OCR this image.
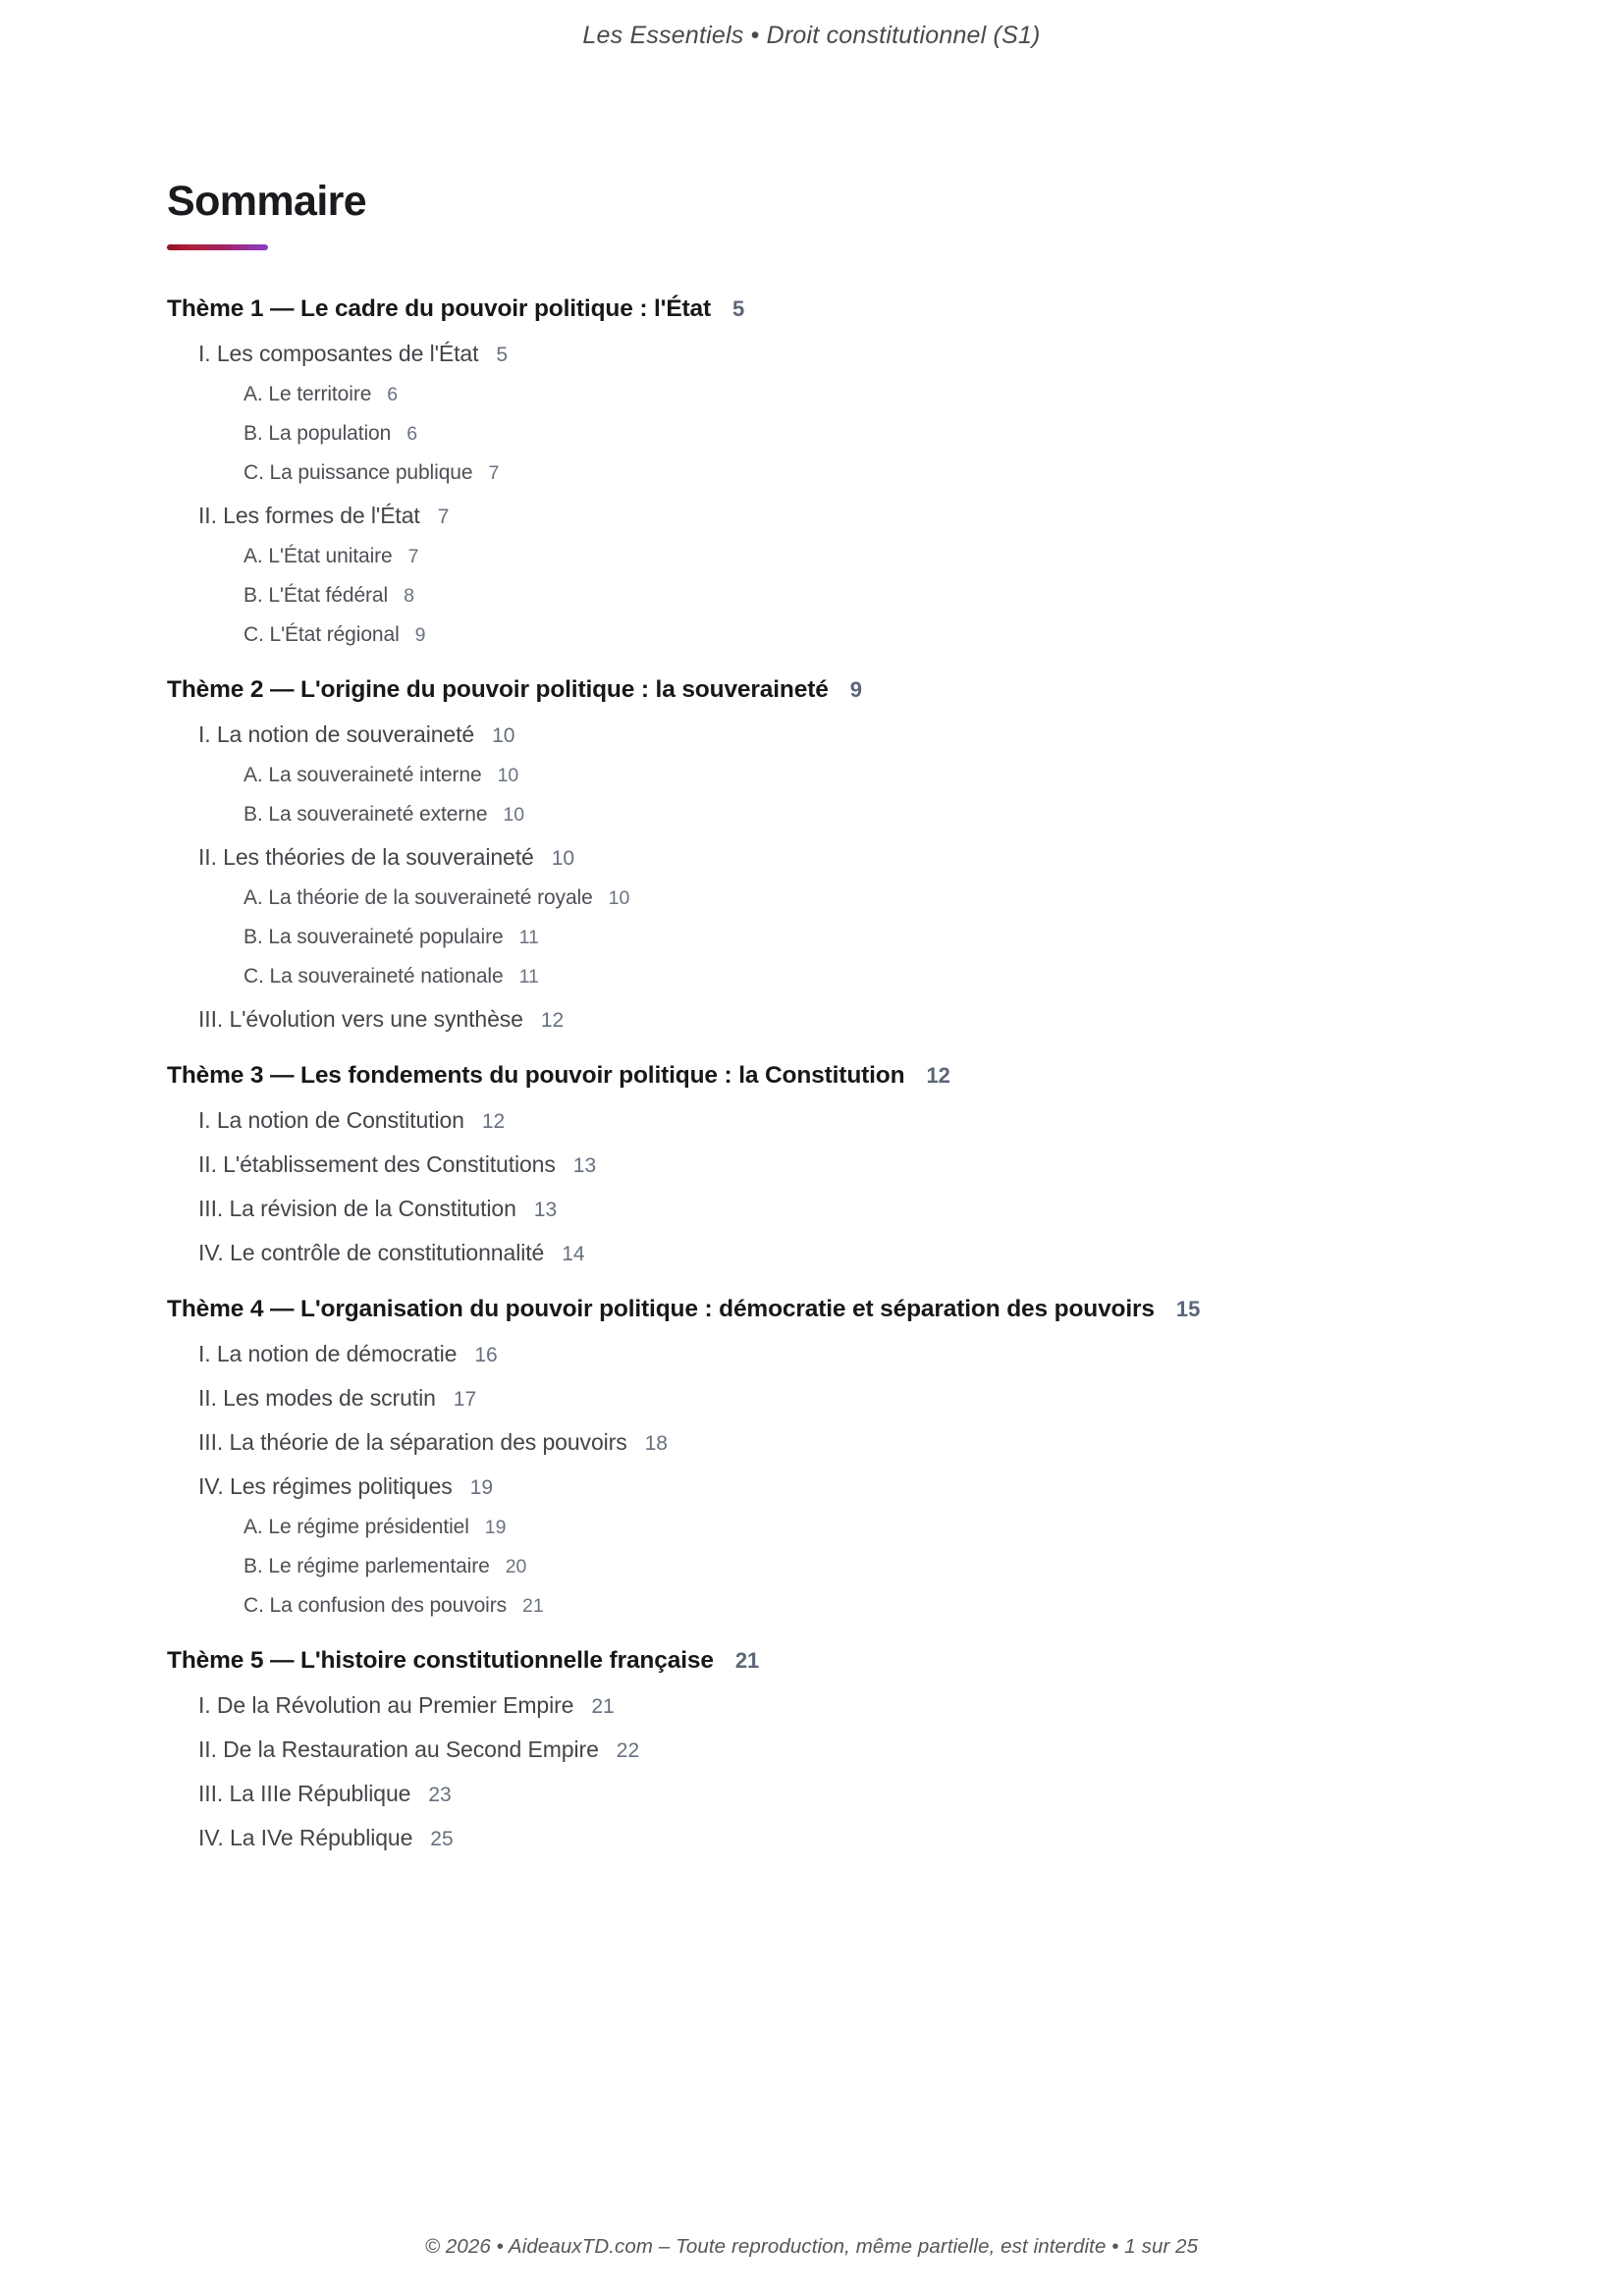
Les Essentiels • Droit constitutionnel (S1)
Sommaire
Thème 1 — Le cadre du pouvoir politique : l'État 5
I. Les composantes de l'État 5
A. Le territoire 6
B. La population 6
C. La puissance publique 7
II. Les formes de l'État 7
A. L'État unitaire 7
B. L'État fédéral 8
C. L'État régional 9
Thème 2 — L'origine du pouvoir politique : la souveraineté 9
I. La notion de souveraineté 10
A. La souveraineté interne 10
B. La souveraineté externe 10
II. Les théories de la souveraineté 10
A. La théorie de la souveraineté royale 10
B. La souveraineté populaire 11
C. La souveraineté nationale 11
III. L'évolution vers une synthèse 12
Thème 3 — Les fondements du pouvoir politique : la Constitution 12
I. La notion de Constitution 12
II. L'établissement des Constitutions 13
III. La révision de la Constitution 13
IV. Le contrôle de constitutionnalité 14
Thème 4 — L'organisation du pouvoir politique : démocratie et séparation des pouvoirs 15
I. La notion de démocratie 16
II. Les modes de scrutin 17
III. La théorie de la séparation des pouvoirs 18
IV. Les régimes politiques 19
A. Le régime présidentiel 19
B. Le régime parlementaire 20
C. La confusion des pouvoirs 21
Thème 5 — L'histoire constitutionnelle française 21
I. De la Révolution au Premier Empire 21
II. De la Restauration au Second Empire 22
III. La IIIe République 23
IV. La IVe République 25
© 2026 • AideauxTD.com – Toute reproduction, même partielle, est interdite • 1 sur 25
